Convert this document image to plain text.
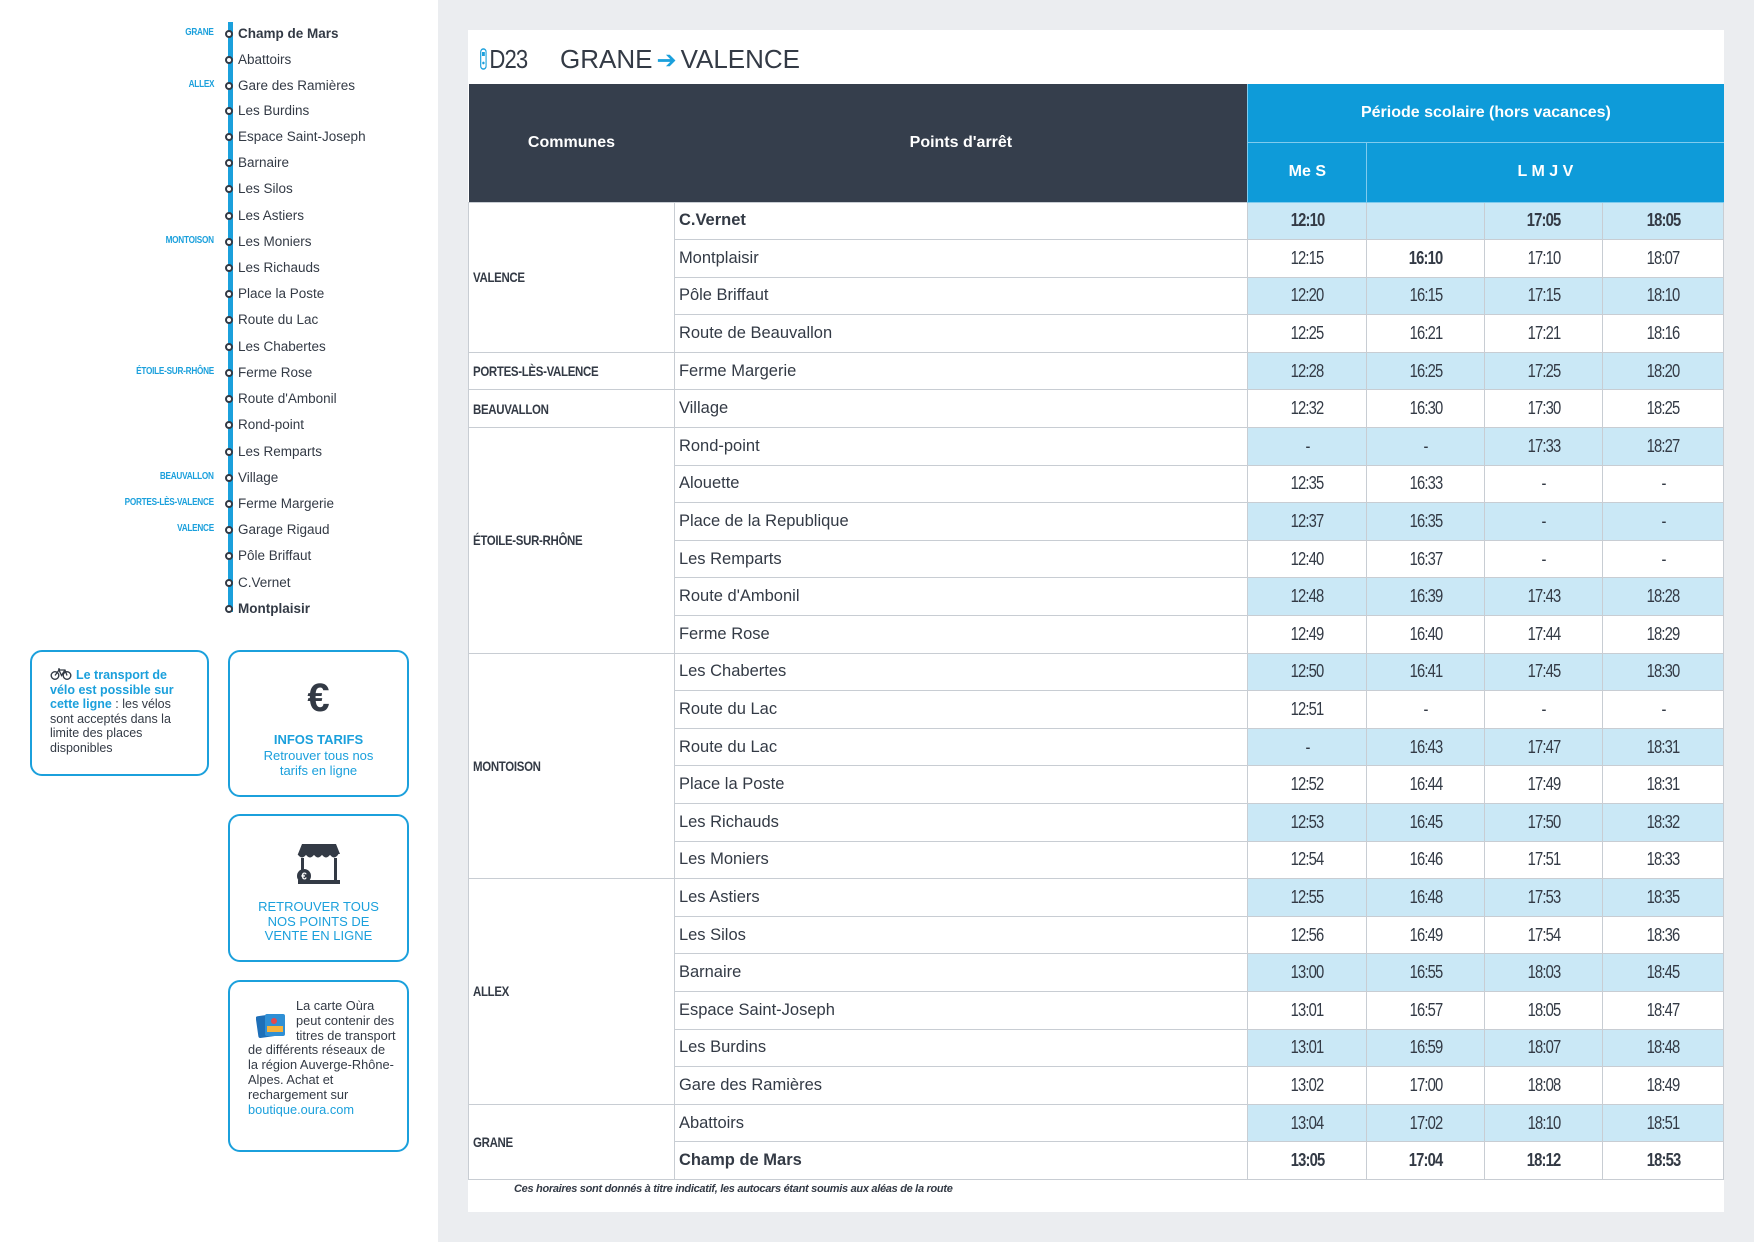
GRANE Champ de Mars
Abattoirs
ALLEX Gare des Ramières
Les Burdins
Espace Saint-Joseph
Barnaire
Les Silos
Les Astiers
MONTOISON Les Moniers
Les Richauds
Place la Poste
Route du Lac
Les Chabertes
ÉTOILE-SUR-RHÔNE Ferme Rose
Route d'Ambonil
Rond-point
Les Remparts
BEAUVALLON Village
PORTES-LÈS-VALENCE Ferme Margerie
VALENCE Garage Rigaud
Pôle Briffaut
C.Vernet
Montplaisir
Le transport de vélo est possible sur cette ligne : les vélos sont acceptés dans la limite des places disponibles
€
INFOS TARIFS
Retrouver tous nos tarifs en ligne
€
RETROUVER TOUS NOS POINTS DE VENTE EN LIGNE
La carte Oùra peut contenir des titres de transport de différents réseaux de la région Auverge-Rhône-Alpes. Achat et rechargement sur boutique.oura.com
D23 GRANE ➔ VALENCE
Communes	Points d'arrêt	Période scolaire (hors vacances)			
		Me S	L M J V		
VALENCE	C.Vernet	12:10		17:05	18:05
	Montplaisir	12:15	16:10	17:10	18:07
	Pôle Briffaut	12:20	16:15	17:15	18:10
	Route de Beauvallon	12:25	16:21	17:21	18:16
PORTES-LÈS-VALENCE	Ferme Margerie	12:28	16:25	17:25	18:20
BEAUVALLON	Village	12:32	16:30	17:30	18:25
ÉTOILE-SUR-RHÔNE	Rond-point	-	-	17:33	18:27
	Alouette	12:35	16:33	-	-
	Place de la Republique	12:37	16:35	-	-
	Les Remparts	12:40	16:37	-	-
	Route d'Ambonil	12:48	16:39	17:43	18:28
	Ferme Rose	12:49	16:40	17:44	18:29
MONTOISON	Les Chabertes	12:50	16:41	17:45	18:30
	Route du Lac	12:51	-	-	-
	Route du Lac	-	16:43	17:47	18:31
	Place la Poste	12:52	16:44	17:49	18:31
	Les Richauds	12:53	16:45	17:50	18:32
	Les Moniers	12:54	16:46	17:51	18:33
ALLEX	Les Astiers	12:55	16:48	17:53	18:35
	Les Silos	12:56	16:49	17:54	18:36
	Barnaire	13:00	16:55	18:03	18:45
	Espace Saint-Joseph	13:01	16:57	18:05	18:47
	Les Burdins	13:01	16:59	18:07	18:48
	Gare des Ramières	13:02	17:00	18:08	18:49
GRANE	Abattoirs	13:04	17:02	18:10	18:51
	Champ de Mars	13:05	17:04	18:12	18:53
Ces horaires sont donnés à titre indicatif, les autocars étant soumis aux aléas de la route
